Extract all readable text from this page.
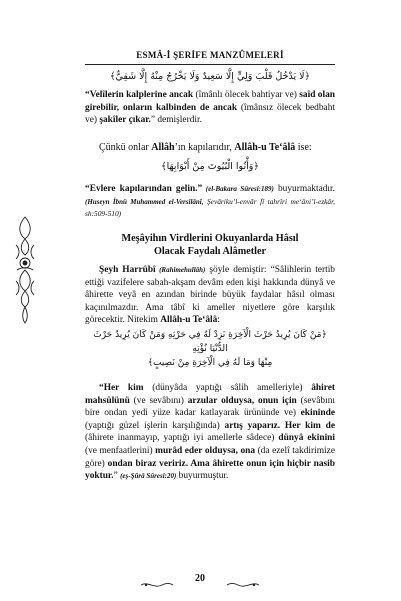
ESMÂ-İ ŞERİFE MANZÛMELERİ
﴿لَا يَدْخُلُ قَلْبَ وَلِيٍّ إِلَّا سَعِيدٌ وَلَا يَخْرُجُ مِنْهُ إِلَّا شَقِيٌّ﴾
“Velîlerin kalplerine ancak (îmânlı ölecek bahtiyar ve) saîd olan girebilir, onların kalbinden de ancak (îmânsız ölecek bedbaht ve) şakîler çıkar.” demişlerdir.
Çünkü onlar Allâh’ın kapılarıdır, Allâh-u Te‘âlâ ise:
﴿وَأْتُوا الْبُيُوتَ مِنْ أَبْوَابِهَا﴾
“Evlere kapılarından gelin.” (el-Bakara Sûresi:189) buyurmaktadır. (Huseyn İbnü Muhammed el-Versilânî, Şevâriku’l-envâr fî tahrîri me‘âni’l-ezkâr, sh:509-510)
Meşâyihın Virdlerini Okuyanlarda Hâsıl
Olacak Faydalı Alâmetler
Şeyh Harrûbî (Rahimehullâh) şöyle demiştir: “Sâlihlerin tertib ettiği vazifelere sabah-akşam devâm eden kişi hakkında dünyâ ve âhirette veyâ en azından birinde büyük faydalar hâsıl olması kaçınılmazdır. Ama tâbî ki ameller niyetlere göre karşılık görecektir. Nitekim Allâh-u Te‘âlâ:
﴿مَنْ كَانَ يُرِيدُ حَرْثَ الْآخِرَةِ نَزِدْ لَهُ فِي حَرْثِهِ وَمَنْ كَانَ يُرِيدُ حَرْثَ الدُّنْيَا نُؤْتِهِ
مِنْهَا وَمَا لَهُ فِي الْآخِرَةِ مِنْ نَصِيبٍ﴾
“Her kim (dünyâda yaptığı sâlih amelleriyle) âhiret mahsûlünü (ve sevâbını) arzular olduysa, onun için (sevâbını bire ondan yedi yüze kadar katlayarak ürününde ve) ekininde (yaptığı güzel işlerin karşılığında) artış yaparız. Her kim de (âhirete inanmayıp, yaptığı iyi amellerle sâdece) dünyâ ekinini (ve menfaatlerini) murâd eder olduysa, ona (da ezelî takdirimize göre) ondan biraz veririz. Ama âhirette onun için hiçbir nasib yoktur.” (eş-Şûrâ Sûresi:20) buyurmuştur.
20
